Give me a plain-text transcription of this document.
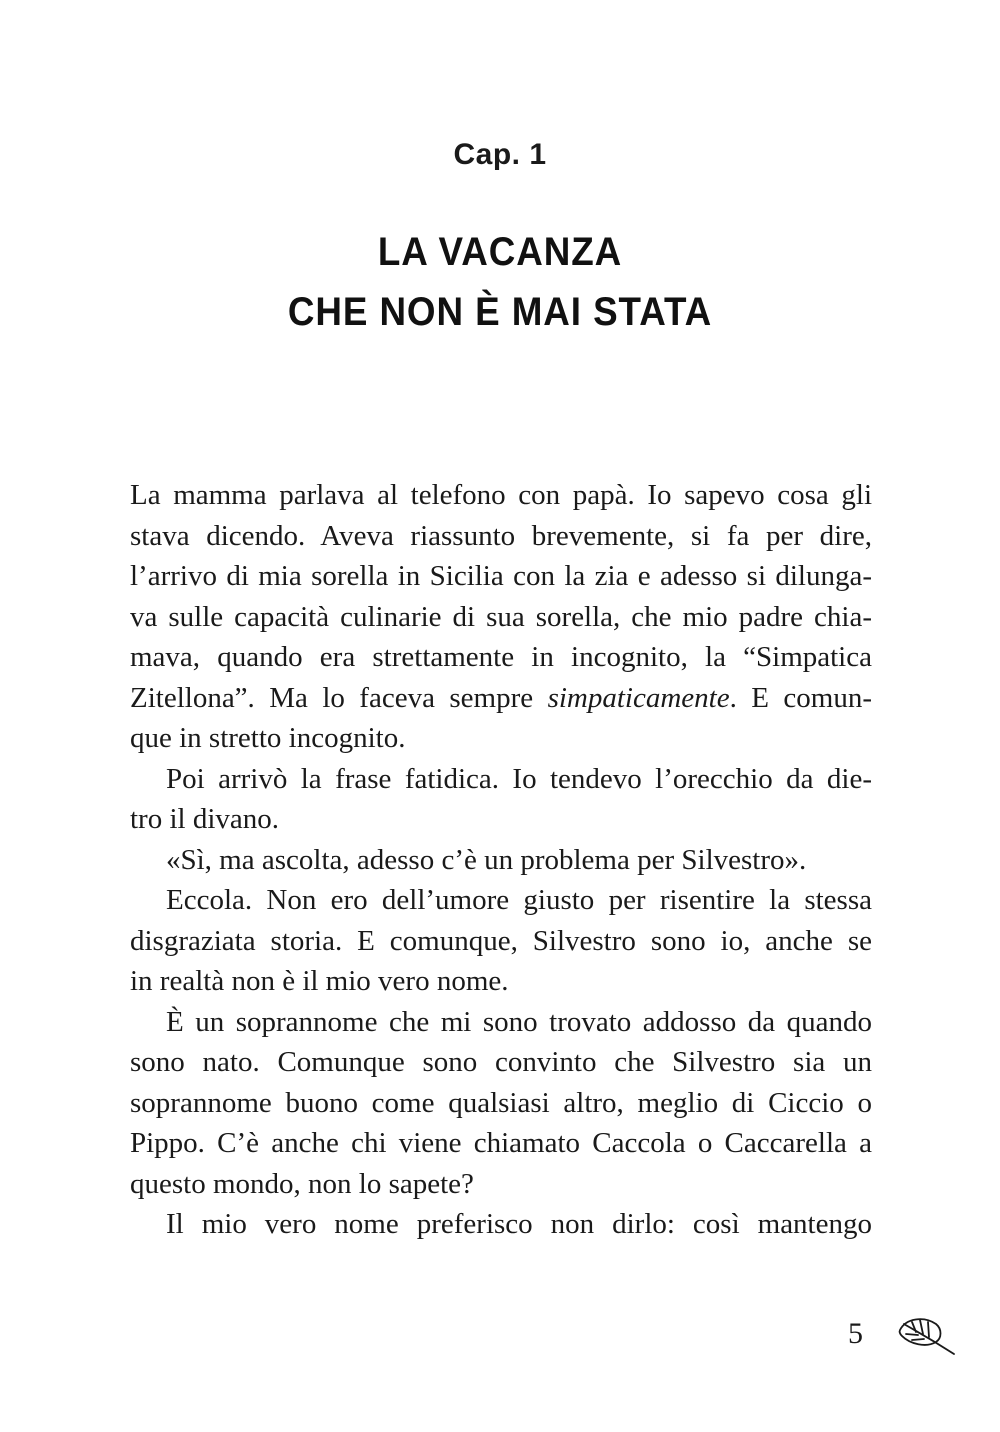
Cap. 1
LA VACANZA
CHE NON È MAI STATA
La mamma parlava al telefono con papà. Io sapevo cosa gli
stava dicendo. Aveva riassunto brevemente, si fa per dire,
l’arrivo di mia sorella in Sicilia con la zia e adesso si dilunga-
va sulle capacità culinarie di sua sorella, che mio padre chia-
mava, quando era strettamente in incognito, la “Simpatica
Zitellona”. Ma lo faceva sempre simpaticamente. E comun-
que in stretto incognito.
Poi arrivò la frase fatidica. Io tendevo l’orecchio da die-
tro il divano.
«Sì, ma ascolta, adesso c’è un problema per Silvestro».
Eccola. Non ero dell’umore giusto per risentire la stessa
disgraziata storia. E comunque, Silvestro sono io, anche se
in realtà non è il mio vero nome.
È un soprannome che mi sono trovato addosso da quando
sono nato. Comunque sono convinto che Silvestro sia un
soprannome buono come qualsiasi altro, meglio di Ciccio o
Pippo. C’è anche chi viene chiamato Caccola o Caccarella a
questo mondo, non lo sapete?
Il mio vero nome preferisco non dirlo: così mantengo
5
